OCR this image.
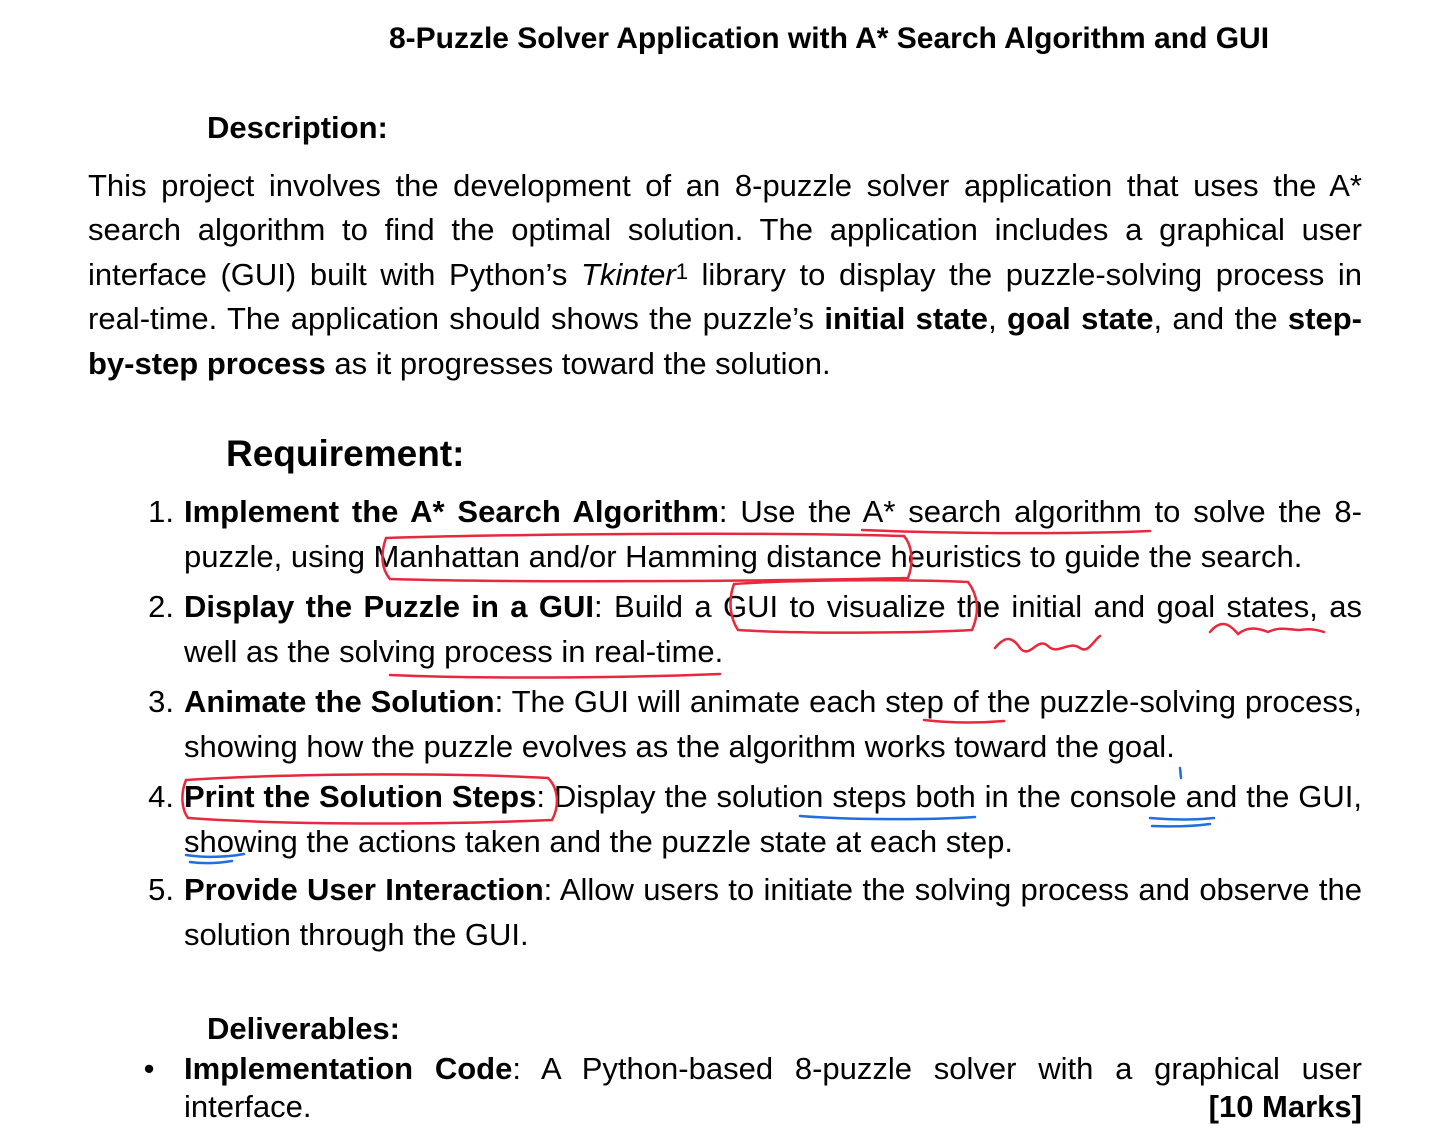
8-Puzzle Solver Application with A* Search Algorithm and GUI
Description:
This project involves the development of an 8-puzzle solver application that uses the A* search algorithm to find the optimal solution. The application includes a graphical user interface (GUI) built with Python’s Tkinter$^1$ library to display the puzzle-solving process in real-time. The application should shows the puzzle’s initial state, goal state, and the step-by-step process as it progresses toward the solution.
Requirement:
1. Implement the A* Search Algorithm: Use the A* search algorithm to solve the 8-puzzle, using Manhattan and/or Hamming distance heuristics to guide the search.
2. Display the Puzzle in a GUI: Build a GUI to visualize the initial and goal states, as well as the solving process in real-time.
3. Animate the Solution: The GUI will animate each step of the puzzle-solving process, showing how the puzzle evolves as the algorithm works toward the goal.
4. Print the Solution Steps: Display the solution steps both in the console and the GUI, showing the actions taken and the puzzle state at each step.
5. Provide User Interaction: Allow users to initiate the solving process and observe the solution through the GUI.
Deliverables:
• Implementation Code: A Python-based 8-puzzle solver with a graphical user interface.	[10 Marks]
